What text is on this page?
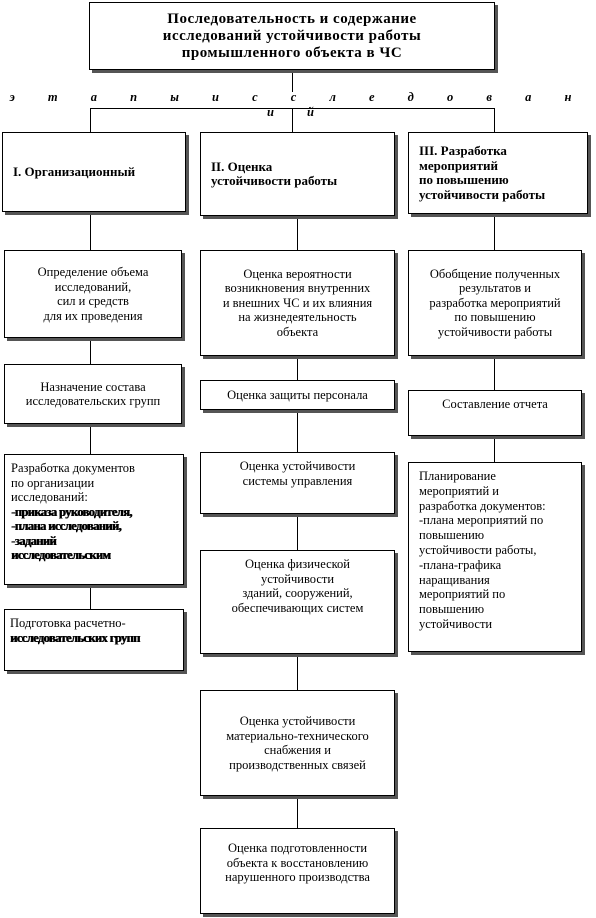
Последовательность и содержание
исследований устойчивости работы
промышленного объекта в ЧС
э т а п ы и с с л е д о в а н и й
I. Организационный	II. Оценка
устойчивости работы
III. Разработка
мероприятий
по повышению
устойчивости работы
Определение объема
исследований,
сил и средств
для их проведения
Назначение состава
исследовательских групп
Разработка документов
по организации
исследований:
-приказа руководителя,
-плана исследований,
-заданий
исследовательским
Подготовка расчетно-
исследовательских групп
Оценка вероятности
возникновения внутренних
и внешних ЧС и их влияния
на жизнедеятельность
объекта
Оценка защиты персонала
Оценка устойчивости
системы управления
Оценка физической
устойчивости
зданий, сооружений,
обеспечивающих систем
Оценка устойчивости
материально-технического
снабжения и
производственных связей
Оценка подготовленности
объекта к восстановлению
нарушенного производства
Обобщение полученных
результатов и
разработка мероприятий
по повышению
устойчивости работы
Составление отчета
Планирование
мероприятий и
разработка документов:
-плана мероприятий по
повышению
устойчивости работы,
-плана-графика
наращивания
мероприятий по
повышению
устойчивости
